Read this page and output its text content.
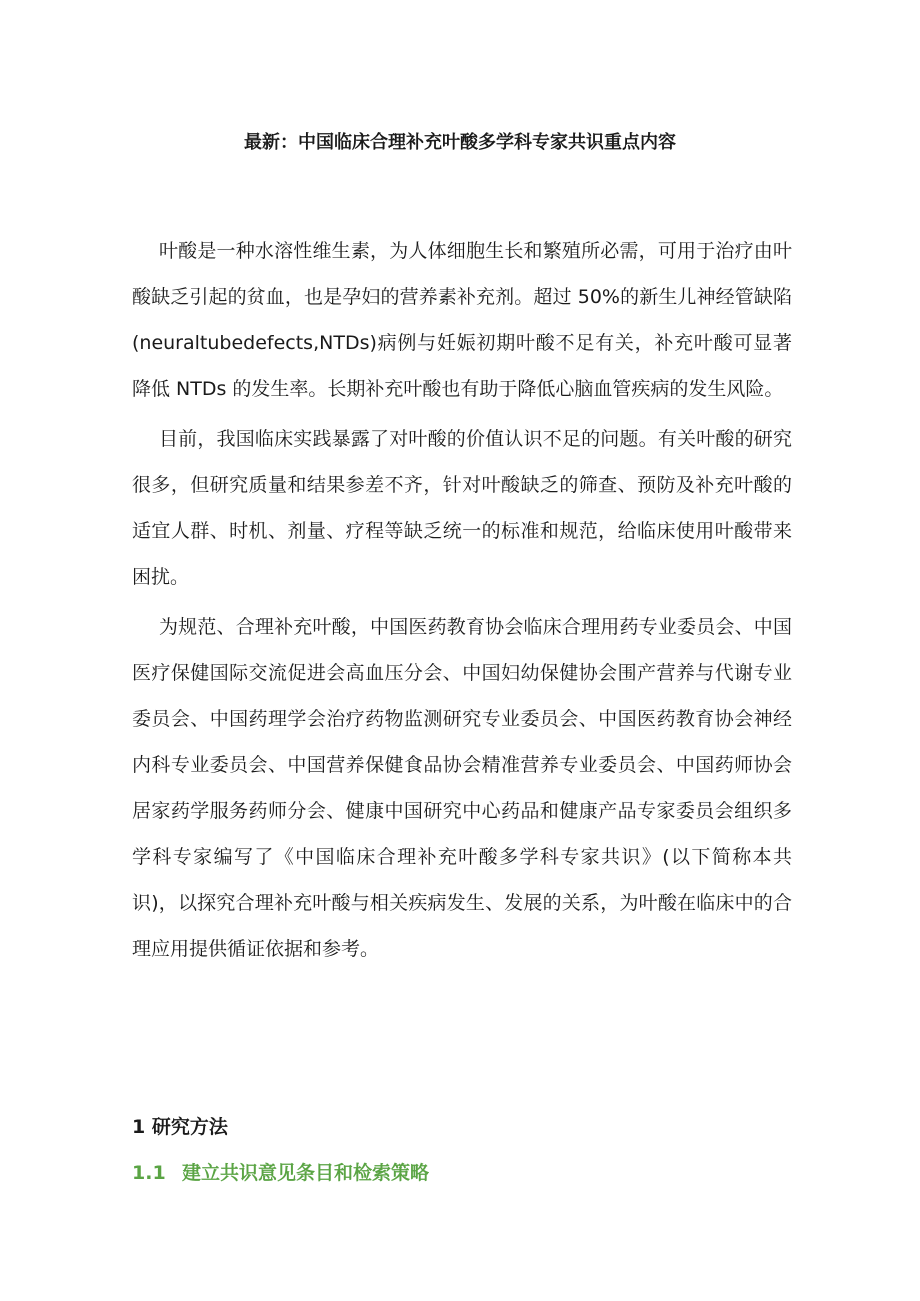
最新：中国临床合理补充叶酸多学科专家共识重点内容

叶酸是一种水溶性维生素，为人体细胞生长和繁殖所必需，可用于治疗由叶酸缺乏引起的贫血，也是孕妇的营养素补充剂。超过 50%的新生儿神经管缺陷(neuraltubedefects,NTDs)病例与妊娠初期叶酸不足有关，补充叶酸可显著降低 NTDs 的发生率。长期补充叶酸也有助于降低心脑血管疾病的发生风险。

目前，我国临床实践暴露了对叶酸的价值认识不足的问题。有关叶酸的研究很多，但研究质量和结果参差不齐，针对叶酸缺乏的筛查、预防及补充叶酸的适宜人群、时机、剂量、疗程等缺乏统一的标准和规范，给临床使用叶酸带来困扰。

为规范、合理补充叶酸，中国医药教育协会临床合理用药专业委员会、中国医疗保健国际交流促进会高血压分会、中国妇幼保健协会围产营养与代谢专业委员会、中国药理学会治疗药物监测研究专业委员会、中国医药教育协会神经内科专业委员会、中国营养保健食品协会精准营养专业委员会、中国药师协会居家药学服务药师分会、健康中国研究中心药品和健康产品专家委员会组织多学科专家编写了《中国临床合理补充叶酸多学科专家共识》(以下简称本共识)，以探究合理补充叶酸与相关疾病发生、发展的关系，为叶酸在临床中的合理应用提供循证依据和参考。

1 研究方法
1.1 建立共识意见条目和检索策略
